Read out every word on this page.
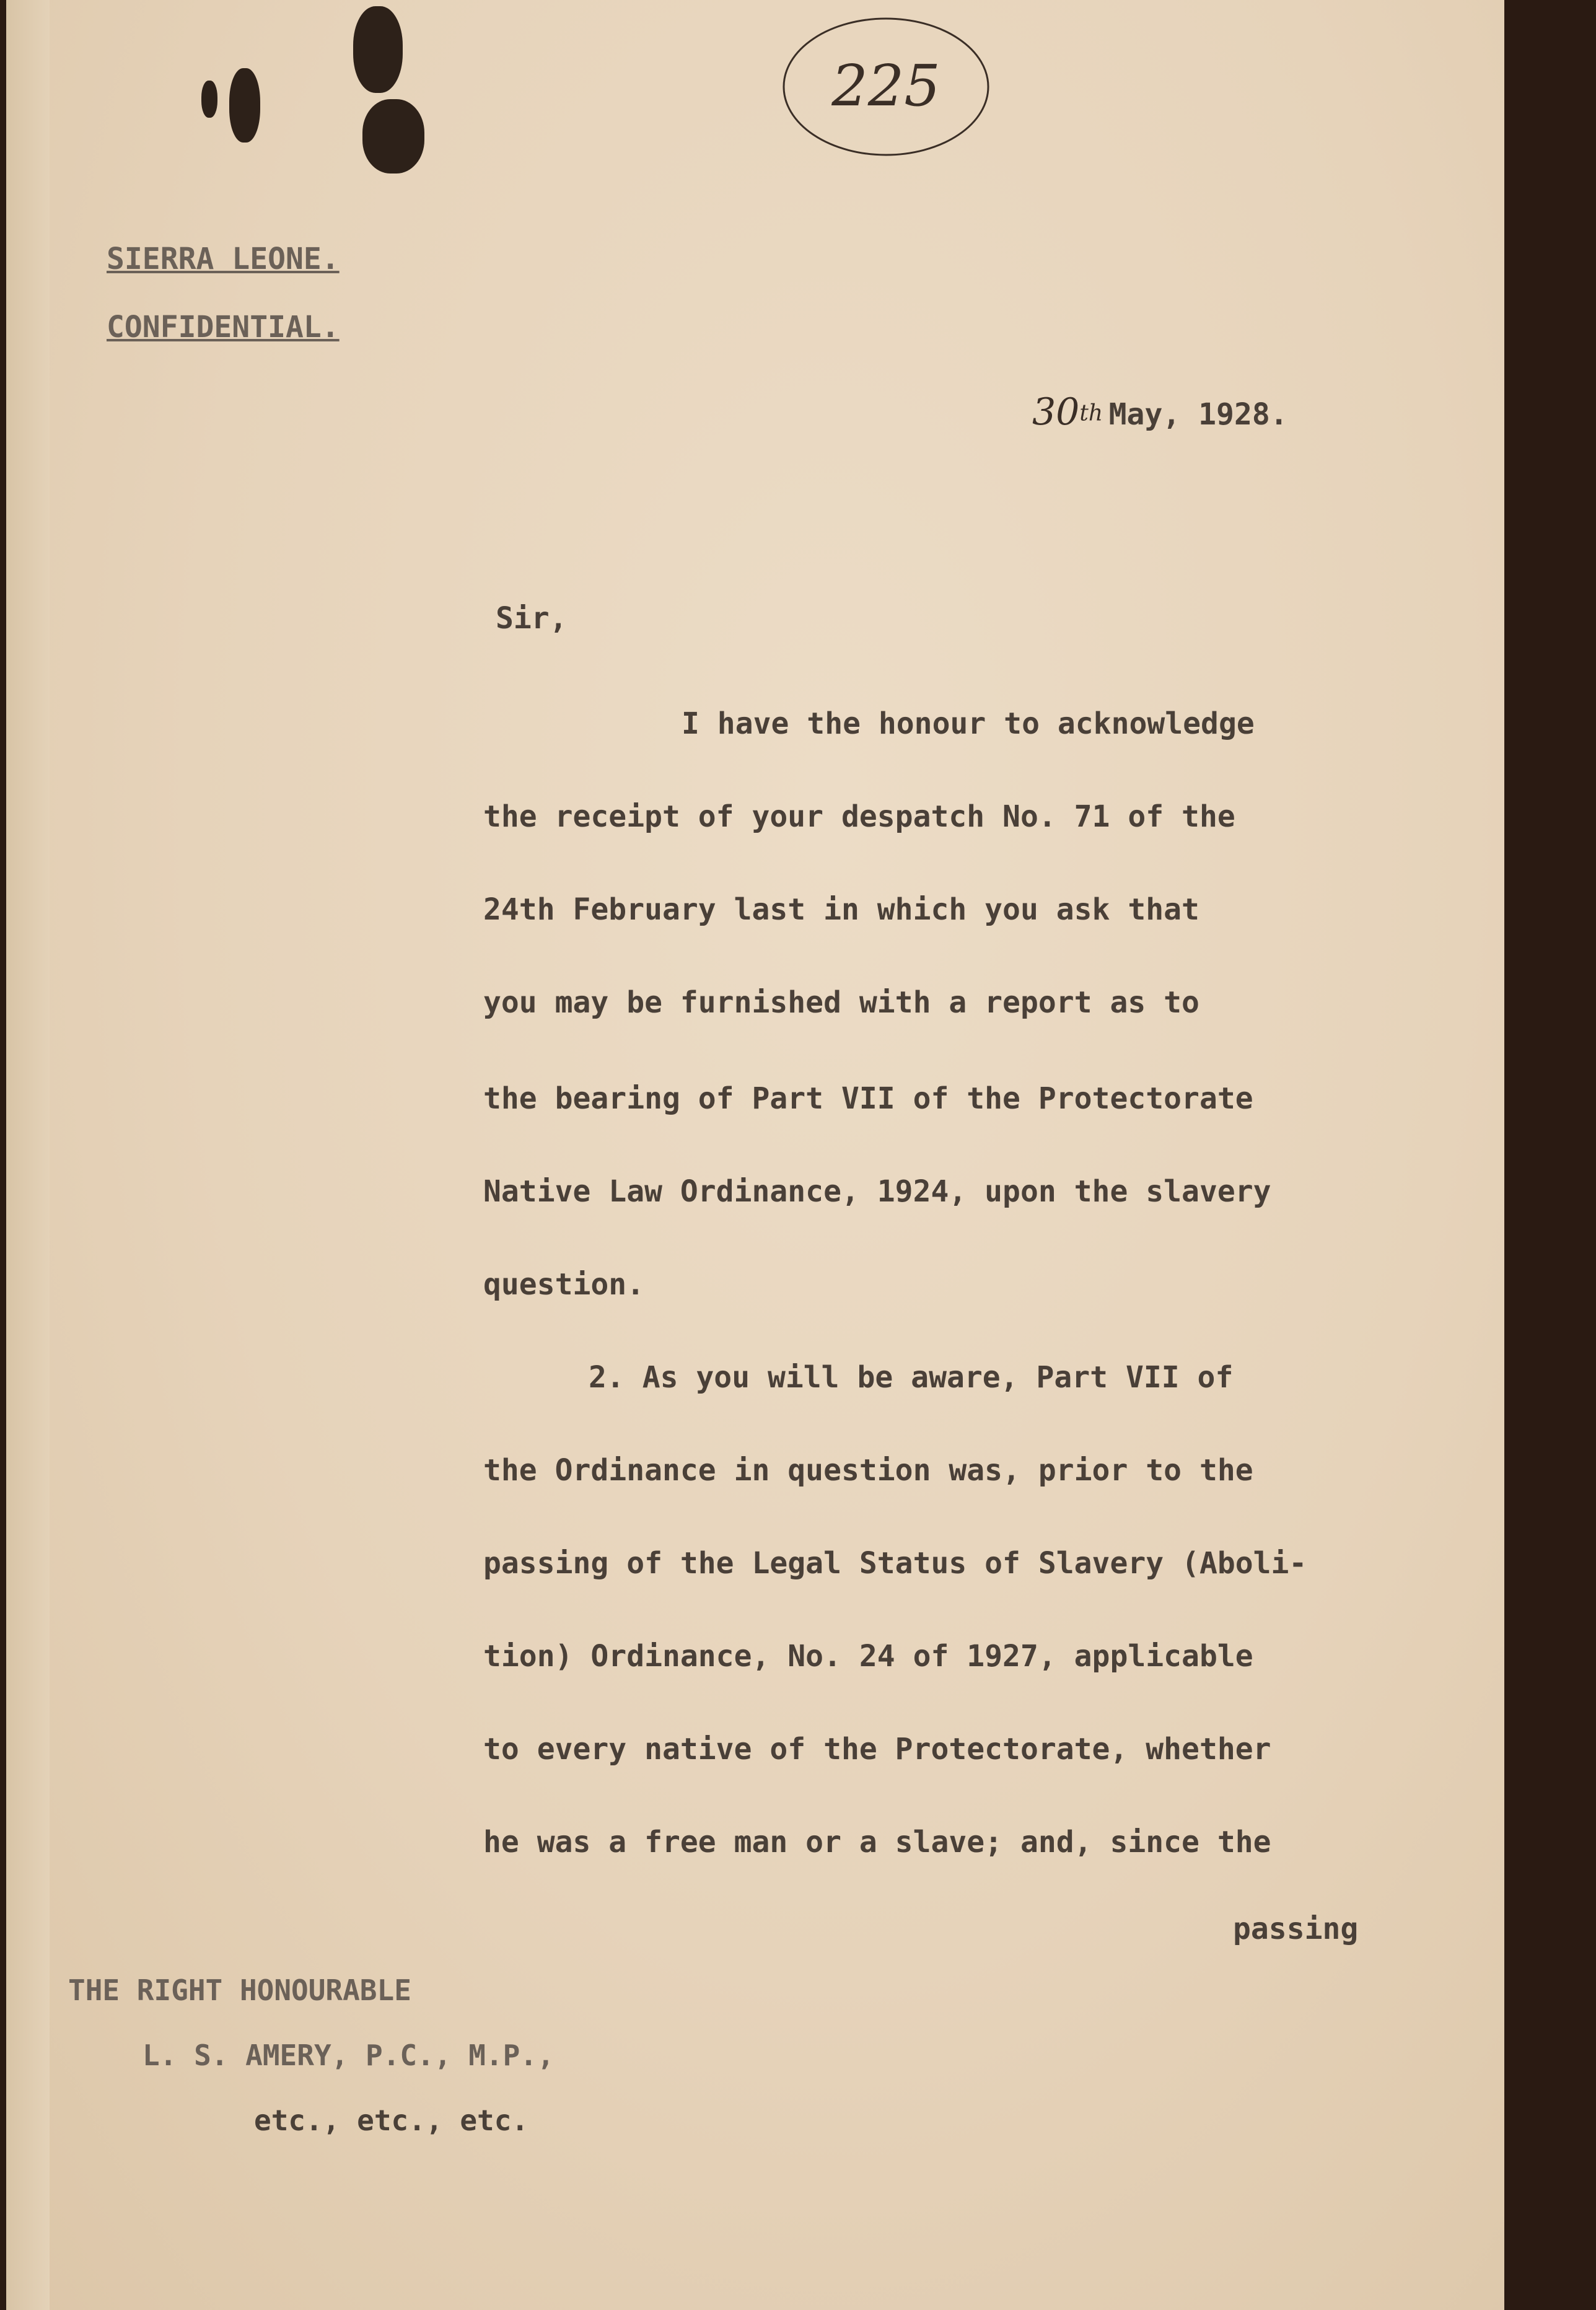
225
SIERRA LEONE.
CONFIDENTIAL.
30th May, 1928.
Sir,
I have the honour to acknowledge
the receipt of your despatch No. 71 of the
24th February last in which you ask that
you may be furnished with a report as to
the bearing of Part VII of the Protectorate
Native Law Ordinance, 1924, upon the slavery
question.
2. As you will be aware, Part VII of
the Ordinance in question was, prior to the
passing of the Legal Status of Slavery (Aboli-
tion) Ordinance, No. 24 of 1927, applicable
to every native of the Protectorate, whether
he was a free man or a slave; and, since the
passing
THE RIGHT HONOURABLE
L. S. AMERY, P.C., M.P.,
etc., etc., etc.
